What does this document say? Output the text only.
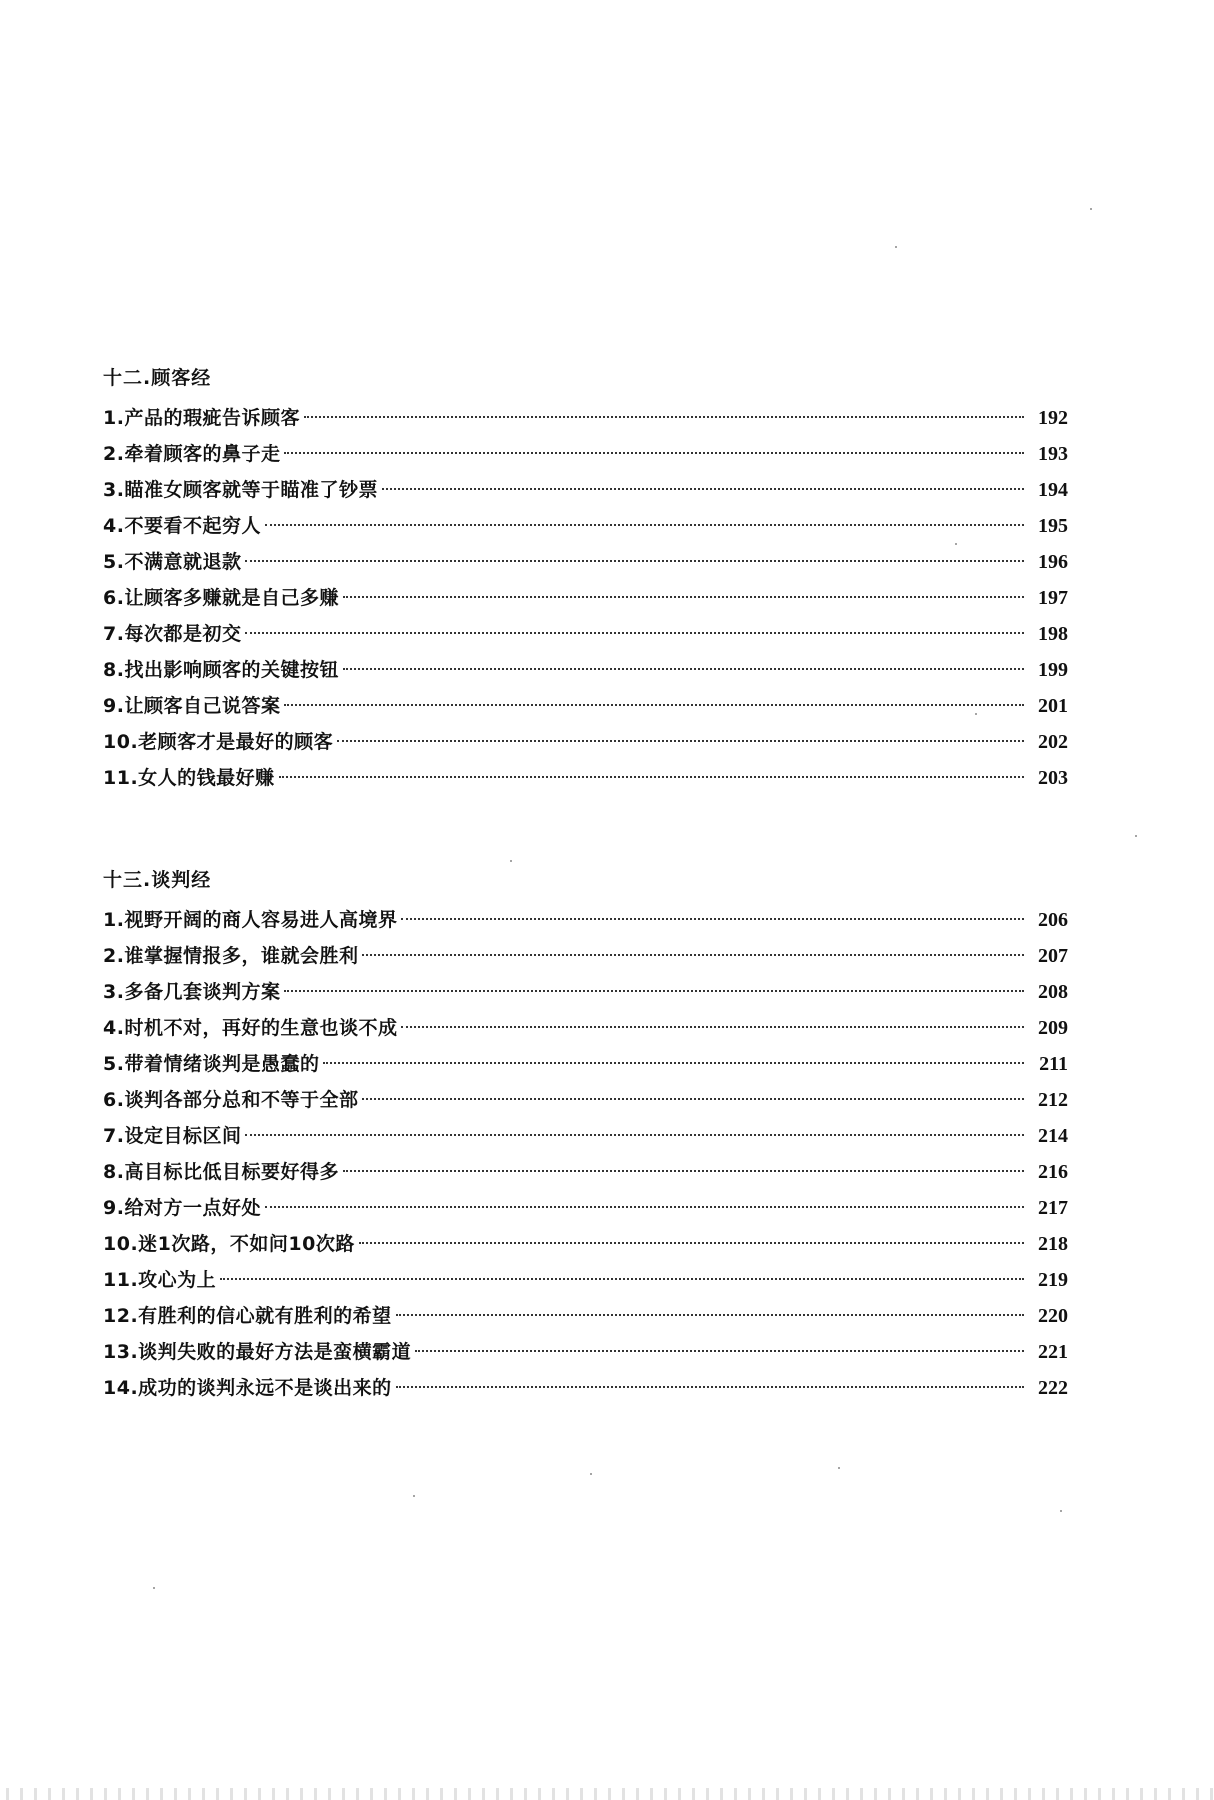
十二.顾客经
1.产品的瑕疵告诉顾客	192
2.牵着顾客的鼻子走	193
3.瞄准女顾客就等于瞄准了钞票	194
4.不要看不起穷人	195
5.不满意就退款	196
6.让顾客多赚就是自己多赚	197
7.每次都是初交	198
8.找出影响顾客的关键按钮	199
9.让顾客自己说答案	201
10.老顾客才是最好的顾客	202
11.女人的钱最好赚	203
十三.谈判经
1.视野开阔的商人容易进人高境界	206
2.谁掌握情报多，谁就会胜利	207
3.多备几套谈判方案	208
4.时机不对，再好的生意也谈不成	209
5.带着情绪谈判是愚蠢的	211
6.谈判各部分总和不等于全部	212
7.设定目标区间	214
8.高目标比低目标要好得多	216
9.给对方一点好处	217
10.迷1次路，不如问10次路	218
11.攻心为上	219
12.有胜利的信心就有胜利的希望	220
13.谈判失败的最好方法是蛮横霸道	221
14.成功的谈判永远不是谈出来的	222
